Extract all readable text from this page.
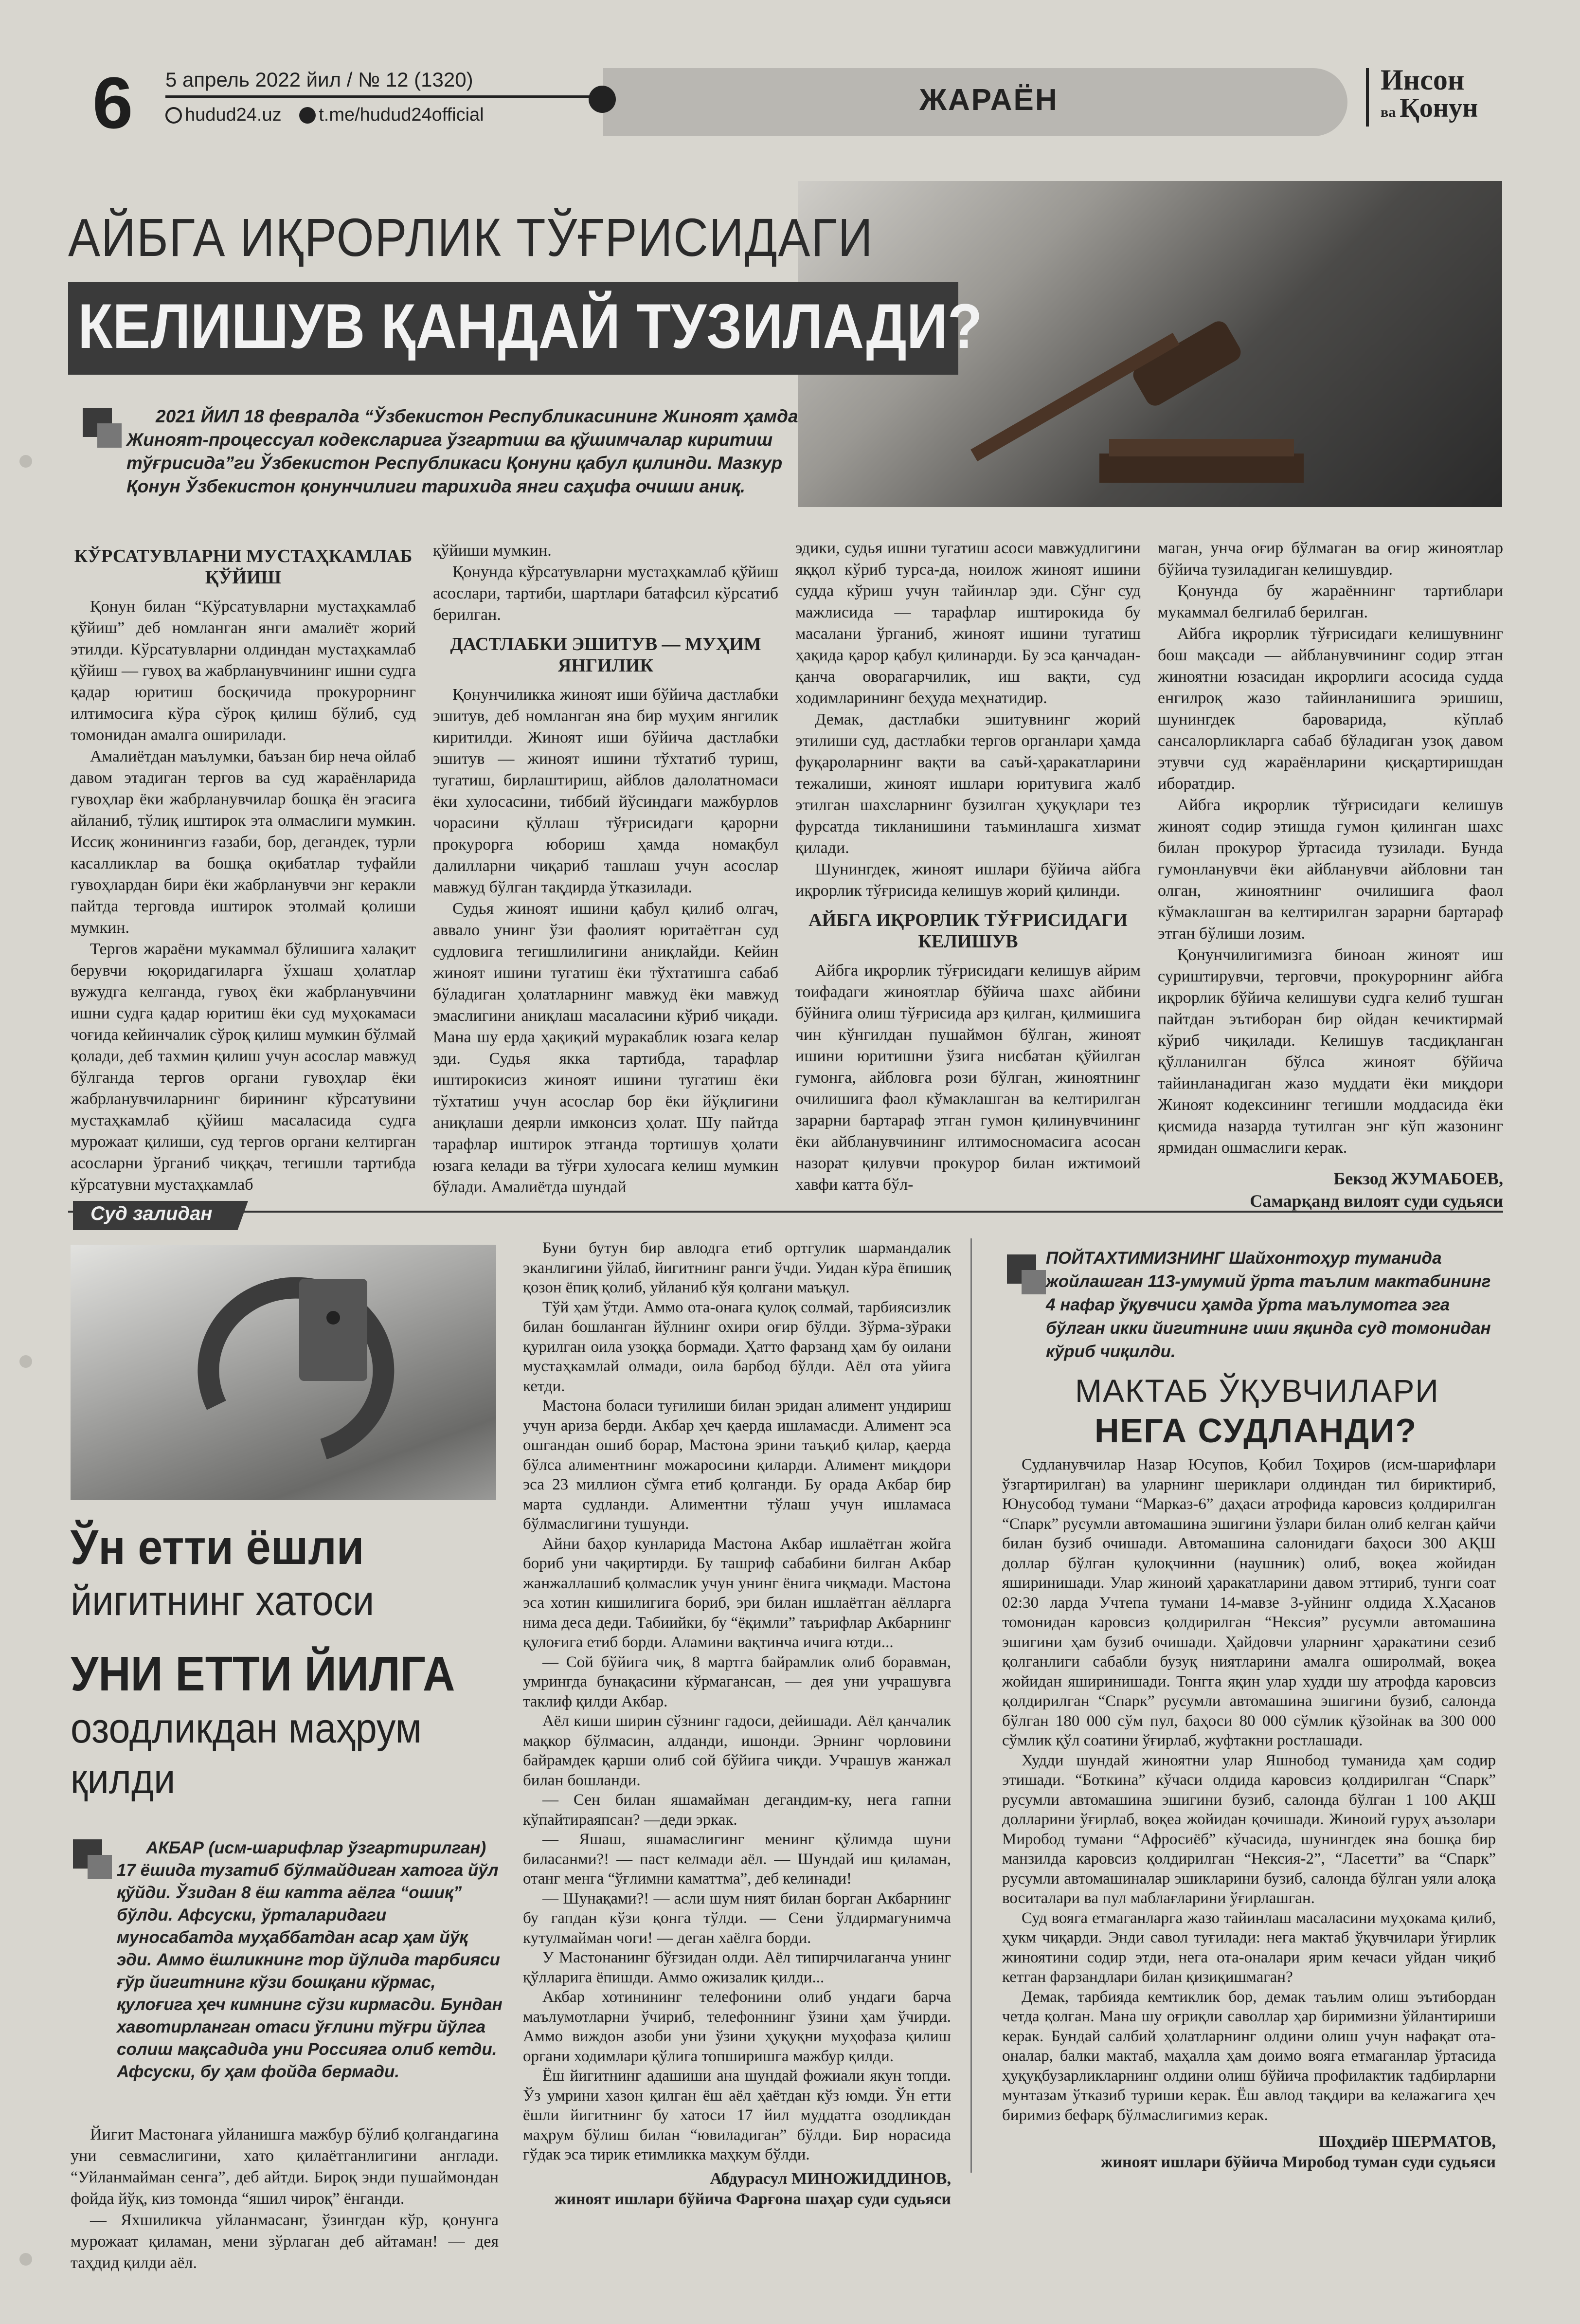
6 5 апрель 2022 йил / № 12 (1320)
hudud24.uz t.me/hudud24official	ЖАРАЁН
Инсон
ва Қонун
АЙБГА ИҚРОРЛИК ТЎҒРИСИДАГИ
КЕЛИШУВ ҚАНДАЙ ТУЗИЛАДИ?
2021 ЙИЛ 18 февралда “Ўзбекистон Республикасининг Жиноят ҳамда Жиноят-процессуал кодексларига ўзгартиш ва қўшимчалар киритиш тўғрисида”ги Ўзбекистон Республикаси Қонуни қабул қилинди. Мазкур Қонун Ўзбекистон қонунчилиги тарихида янги саҳифа очиши аниқ.
КЎРСАТУВЛАРНИ МУСТАҲКАМЛАБ ҚЎЙИШ

Қонун билан “Кўрсатувларни мустаҳкамлаб қўйиш” деб номланган янги амалиёт жорий этилди. Кўрсатувларни олдиндан мустаҳкамлаб қўйиш — гувоҳ ва жабрланувчининг ишни судга қадар юритиш босқичида прокурорнинг илтимосига кўра сўроқ қилиш бўлиб, суд томонидан амалга оширилади.

Амалиётдан маълумки, баъзан бир неча ойлаб давом этадиган тергов ва суд жараёнларида гувоҳлар ёки жабрланувчилар бошқа ён эгасига айланиб, тўлиқ иштирок эта олмаслиги мумкин. Иссиқ жонинингиз ғазаби, бор, дегандек, турли касалликлар ва бошқа оқибатлар туфайли гувоҳлардан бири ёки жабрланувчи энг керакли пайтда терговда иштирок этолмай қолиши мумкин.

Тергов жараёни мукаммал бўлишига халақит берувчи юқоридагиларга ўхшаш ҳолатлар вужудга келганда, гувоҳ ёки жабрланувчини ишни судга қадар юритиш ёки суд муҳокамаси чоғида кейинчалик сўроқ қилиш мумкин бўлмай қолади, деб тахмин қилиш учун асослар мавжуд бўлганда тергов органи гувоҳлар ёки жабрланувчиларнинг бирининг кўрсатувини мустаҳкамлаб қўйиш масаласида судга мурожаат қилиши, суд тергов органи келтирган асосларни ўрганиб чиққач, тегишли тартибда кўрсатувни мустаҳкамлаб

қўйиши мумкин.

Қонунда кўрсатувларни мустаҳкамлаб қўйиш асослари, тартиби, шартлари батафсил кўрсатиб берилган.

ДАСТЛАБКИ ЭШИТУВ — МУҲИМ ЯНГИЛИК

Қонунчиликка жиноят иши бўйича дастлабки эшитув, деб номланган яна бир муҳим янгилик киритилди. Жиноят иши бўйича дастлабки эшитув — жиноят ишини тўхтатиб туриш, тугатиш, бирлаштириш, айблов далолатномаси ёки хулосасини, тиббий йўсиндаги мажбурлов чорасини қўллаш тўғрисидаги қарорни прокурорга юбориш ҳамда номақбул далилларни чиқариб ташлаш учун асослар мавжуд бўлган тақдирда ўтказилади.

Судья жиноят ишини қабул қилиб олгач, аввало унинг ўзи фаолият юритаётган суд судловига тегишлилигини аниқлайди. Кейин жиноят ишини тугатиш ёки тўхтатишга сабаб бўладиган ҳолатларнинг мавжуд ёки мавжуд эмаслигини аниқлаш масаласини кўриб чиқади. Мана шу ерда ҳақиқий муракаблик юзага келар эди. Судья якка тартибда, тарафлар иштирокисиз жиноят ишини тугатиш ёки тўхтатиш учун асослар бор ёки йўқлигини аниқлаши деярли имконсиз ҳолат. Шу пайтда тарафлар иштирок этганда тортишув ҳолати юзага келади ва тўғри хулосага келиш мумкин бўлади. Амалиётда шундай

эдики, судья ишни тугатиш асоси мавжудлигини яққол кўриб турса-да, ноилож жиноят ишини судда кўриш учун тайинлар эди. Сўнг суд мажлисида — тарафлар иштирокида бу масалани ўрганиб, жиноят ишини тугатиш ҳақида қарор қабул қилинарди. Бу эса қанчадан-қанча оворагарчилик, иш вақти, суд ходимларининг беҳуда меҳнатидир.

Демак, дастлабки эшитувнинг жорий этилиши суд, дастлабки тергов органлари ҳамда фуқароларнинг вақти ва саъй-ҳаракатларини тежалиши, жиноят ишлари юритувига жалб этилган шахсларнинг бузилган ҳуқуқлари тез фурсатда тикланишини таъминлашга хизмат қилади.

Шунингдек, жиноят ишлари бўйича айбга иқрорлик тўғрисида келишув жорий қилинди.

АЙБГА ИҚРОРЛИК ТЎҒРИСИДАГИ КЕЛИШУВ

Айбга иқрорлик тўғрисидаги келишув айрим тоифадаги жиноятлар бўйича шахс айбини бўйнига олиш тўғрисида арз қилган, қилмишига чин кўнгилдан пушаймон бўлган, жиноят ишини юритишни ўзига нисбатан қўйилган гумонга, айбловга рози бўлган, жиноятнинг очилишига фаол кўмаклашган ва келтирилган зарарни бартараф этган гумон қилинувчининг ёки айбланувчининг илтимосномасига асосан назорат қилувчи прокурор билан ижтимоий хавфи катта бўл-

маган, унча оғир бўлмаган ва оғир жиноятлар бўйича тузиладиган келишувдир.

Қонунда бу жараённинг тартиблари мукаммал белгилаб берилган.

Айбга иқрорлик тўғрисидаги келишувнинг бош мақсади — айбланувчининг содир этган жиноятни юзасидан иқрорлиги асосида судда енгилроқ жазо тайинланишига эришиш, шунингдек бароварида, кўплаб сансалорликларга сабаб бўладиган узоқ давом этувчи суд жараёнларини қисқартиришдан иборатдир.

Айбга иқрорлик тўғрисидаги келишув жиноят содир этишда гумон қилинган шахс билан прокурор ўртасида тузилади. Бунда гумонланувчи ёки айбланувчи айбловни тан олган, жиноятнинг очилишига фаол кўмаклашган ва келтирилган зарарни бартараф этган бўлиши лозим.

Қонунчилигимизга биноан жиноят иш суриштирувчи, терговчи, прокурорнинг айбга иқрорлик бўйича келишуви судга келиб тушган пайтдан эътиборан бир ойдан кечиктирмай кўриб чиқилади. Келишув тасдиқланган қўлланилган бўлса жиноят бўйича тайинланадиган жазо муддати ёки миқдори Жиноят кодексининг тегишли моддасида ёки қисмида назарда тутилган энг кўп жазонинг ярмидан ошмаслиги керак.

Бекзод ЖУМАБОЕВ,
Самарқанд вилоят суди судьяси
Суд залидан
Ўн етти ёшли
йигитнинг хатоси
УНИ ЕТТИ ЙИЛГА
озодликдан маҳрум қилди
АКБАР (исм-шарифлар ўзгартирилган) 17 ёшида тузатиб бўлмайдиган хатога йўл қўйди. Ўзидан 8 ёш катта аёлга “ошиқ” бўлди. Афсуски, ўрталаридаги муносабатда муҳаббатдан асар ҳам йўқ эди. Аммо ёшликнинг тор йўлида тарбияси ғўр йигитнинг кўзи бошқани кўрмас, қулоғига ҳеч кимнинг сўзи кирмасди. Бундан хавотирланган отаси ўғлини тўғри йўлга солиш мақсадида уни Россияга олиб кетди. Афсуски, бу ҳам фойда бермади.

Йигит Мастонага уйланишга мажбур бўлиб қолгандагина уни севмаслигини, хато қилаётганлигини англади. “Уйланмайман сенга”, деб айтди. Бироқ энди пушаймондан фойда йўқ, киз томонда “яшил чироқ” ёнганди.

— Яхшиликча уйланмасанг, ўзингдан кўр, қонунга мурожаат қиламан, мени зўрлаган деб айтаман! — дея таҳдид қилди аёл.

Буни бутун бир авлодга етиб ортгулик шармандалик эканлигини ўйлаб, йигитнинг ранги ўчди. Уидан кўра ёпишиқ қозон ёпиқ қолиб, уйланиб кўя қолгани маъқул.

Тўй ҳам ўтди. Аммо ота-онага қулоқ солмай, тарбиясизлик билан бошланган йўлнинг охири оғир бўлди. Зўрма-зўраки қурилган оила узоққа бормади. Ҳатто фарзанд ҳам бу оилани мустаҳкамлай олмади, оила барбод бўлди. Аёл ота уйига кетди.

Мастона боласи туғилиши билан эридан алимент ундириш учун ариза берди. Акбар ҳеч қаерда ишламасди. Алимент эса ошгандан ошиб борар, Мастона эрини таъқиб қилар, қаерда бўлса алиментнинг можаросини қиларди. Алимент миқдори эса 23 миллион сўмга етиб қолганди. Бу орада Акбар бир марта судланди. Алиментни тўлаш учун ишламаса бўлмаслигини тушунди.

Айни баҳор кунларида Мастона Акбар ишлаётган жойга бориб уни чақиртирди. Бу ташриф сабабини билган Акбар жанжаллашиб қолмаслик учун унинг ёнига чиқмади. Мастона эса хотин кишилигига бориб, эри билан ишлаётган аёлларга нима деса деди. Табиийки, бу “ёқимли” таърифлар Акбарнинг қулоғига етиб борди. Аламини вақтинча ичига ютди...

— Сой бўйига чиқ, 8 мартга байрамлик олиб боравман, умрингда бунақасини кўрмагансан, — дея уни учрашувга таклиф қилди Акбар.

Аёл киши ширин сўзнинг гадоси, дейишади. Аёл қанчалик мақкор бўлмасин, алданди, ишонди. Эрнинг чорловини байрамдек қарши олиб сой бўйига чиқди. Учрашув жанжал билан бошланди.

— Сен билан яшамайман дегандим-ку, нега гапни кўпайтираяпсан? —деди эркак.

— Яшаш, яшамаслигинг менинг қўлимда шуни биласанми?! — паст келмади аёл. — Шундай иш қиламан, отанг менга “ўғлимни каматтма”, деб келинади!

— Шунақами?! — асли шум ният билан борган Акбарнинг бу гапдан кўзи қонга тўлди. — Сени ўлдирмагунимча кутулмайман чоги! — деган хаёлга борди.

У Мастонанинг бўғзидан олди. Аёл типирчилаганча унинг қўлларига ёпишди. Аммо ожизалик қилди...

Акбар хотинининг телефонини олиб ундаги барча маълумотларни ўчириб, телефоннинг ўзини ҳам ўчирди. Аммо виждон азоби уни ўзини ҳуқуқни муҳофаза қилиш органи ходимлари қўлига топширишга мажбур қилди.

Ёш йигитнинг адашиши ана шундай фожиали якун топди. Ўз умрини хазон қилган ёш аёл ҳаётдан кўз юмди. Ўн етти ёшли йигитнинг бу хатоси 17 йил муддатга озодликдан маҳрум бўлиш билан “ювиладиган” бўлди. Бир норасида гўдак эса тирик етимликка маҳкум бўлди.

Абдурасул МИНОЖИДДИНОВ,
жиноят ишлари бўйича Фарғона шаҳар суди судьяси
ПОЙТАХТИМИЗНИНГ Шайхонтоҳур туманида жойлашган 113-умумий ўрта таълим мактабининг 4 нафар ўқувчиси ҳамда ўрта маълумотга эга бўлган икки йигитнинг иши яқинда суд томонидан кўриб чиқилди.
МАКТАБ ЎҚУВЧИЛАРИ
НЕГА СУДЛАНДИ?

Судланувчилар Назар Юсупов, Қобил Тоҳиров (исм-шарифлари ўзгартирилган) ва уларнинг шериклари олдиндан тил бириктириб, Юнусобод тумани “Марказ-6” даҳаси атрофида каровсиз қолдирилган “Спарк” русумли автомашина эшигини ўзлари билан олиб келган қайчи билан бузиб очишади. Автомашина салонидаги баҳоси 300 АҚШ доллар бўлган қулоқчинни (наушник) олиб, воқеа жойидан яширинишади. Улар жиноий ҳаракатларини давом эттириб, тунги соат 02:30 ларда Учтепа тумани 14-мавзе 3-уйнинг олдида Х.Ҳасанов томонидан каровсиз қолдирилган “Нексия” русумли автомашина эшигини ҳам бузиб очишади. Ҳайдовчи уларнинг ҳаракатини сезиб қолганлиги сабабли бузуқ ниятларини амалга оширолмай, воқеа жойидан яширинишади. Тонгга яқин улар худди шу атрофда каровсиз қолдирилган “Спарк” русумли автомашина эшигини бузиб, салонда бўлган 180 000 сўм пул, баҳоси 80 000 сўмлик қўзойнак ва 300 000 сўмлик қўл соатини ўғирлаб, жуфтакни ростлашади.

Худди шундай жиноятни улар Яшнобод туманида ҳам содир этишади. “Боткина” кўчаси олдида каровсиз қолдирилган “Спарк” русумли автомашина эшигини бузиб, салонда бўлган 1 100 АҚШ долларини ўғирлаб, воқеа жойидан қочишади. Жиноий гуруҳ аъзолари Миробод тумани “Афросиёб” кўчасида, шунингдек яна бошқа бир манзилда каровсиз қолдирилган “Нексия-2”, “Ласетти” ва “Спарк” русумли автомашиналар эшикларини бузиб, салонда бўлган уяли алоқа воситалари ва пул маблағларини ўғирлашган.

Суд воягa етмаганларга жазо тайинлаш масаласини муҳокама қилиб, ҳукм чиқарди. Энди савол туғилади: нега мактаб ўқувчилари ўғирлик жиноятини содир этди, нега ота-оналари ярим кечаси уйдан чиқиб кетган фарзандлари билан қизиқишмаган?

Демак, тарбияда кемтиклик бор, демак таълим олиш эътибордан четда қолган. Мана шу оғриқли саволлар ҳар биримизни ўйлантириши керак. Бундай салбий ҳолатларнинг олдини олиш учун нафақат ота-оналар, балки мактаб, маҳалла ҳам доимо вояга етмаганлар ўртасида ҳуқуқбузарликларнинг олдини олиш бўйича профилактик тадбирларни мунтазам ўтказиб туриши керак. Ёш авлод тақдири ва келажагига ҳеч биримиз бефарқ бўлмаслигимиз керак.

Шоҳдиёр ШЕРМАТОВ,
жиноят ишлари бўйича Миробод туман суди судьяси
